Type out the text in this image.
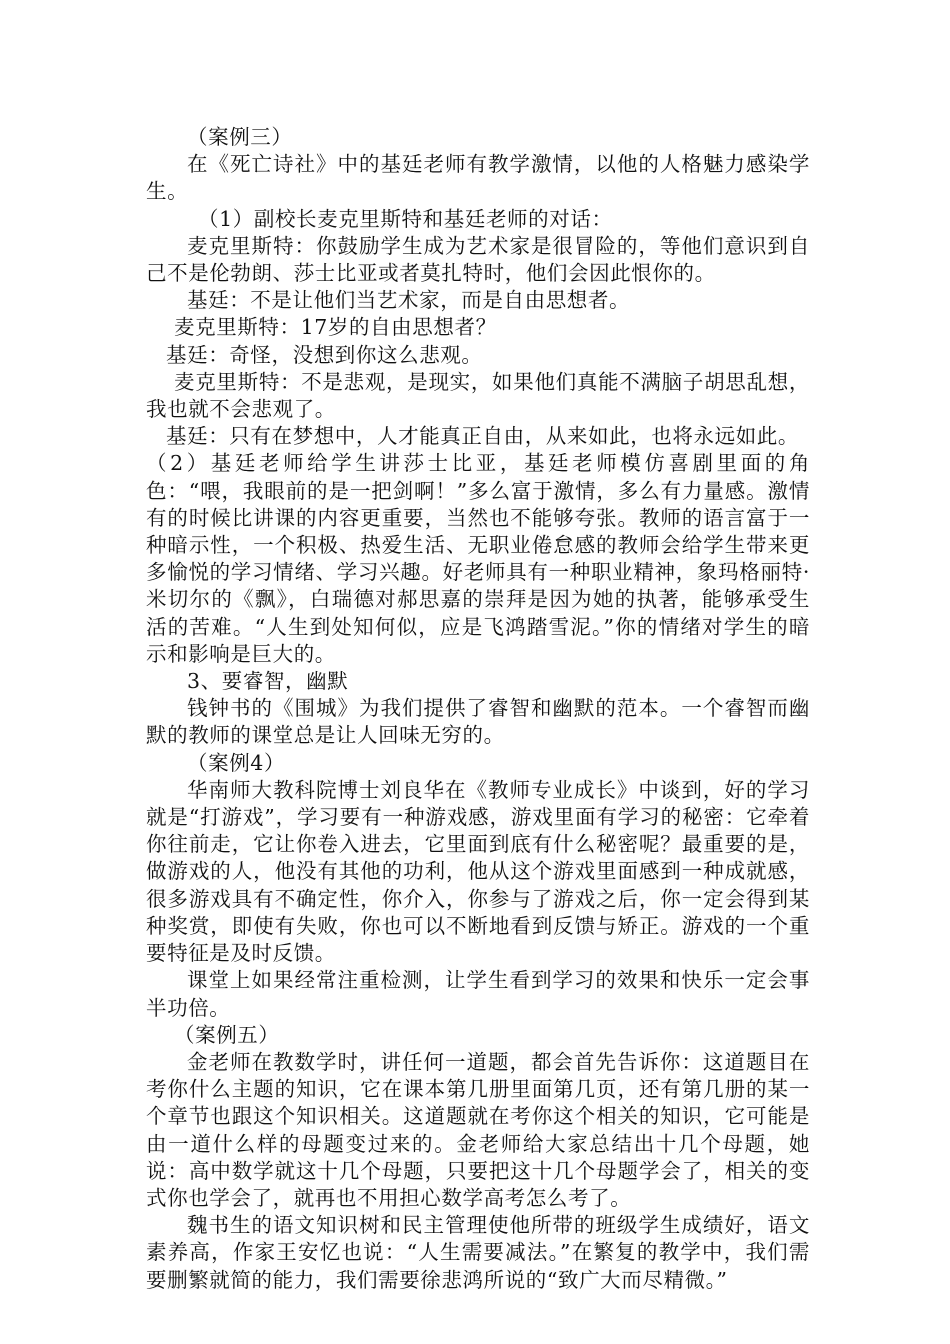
（案例三）

在《死亡诗社》中的基廷老师有教学激情，以他的人格魅力感染学生。

（1）副校长麦克里斯特和基廷老师的对话：

麦克里斯特：你鼓励学生成为艺术家是很冒险的，等他们意识到自己不是伦勃朗、莎士比亚或者莫扎特时，他们会因此恨你的。

基廷：不是让他们当艺术家，而是自由思想者。

麦克里斯特：17岁的自由思想者？

基廷：奇怪，没想到你这么悲观。

麦克里斯特：不是悲观，是现实，如果他们真能不满脑子胡思乱想，我也就不会悲观了。

基廷：只有在梦想中，人才能真正自由，从来如此，也将永远如此。

（2）基廷老师给学生讲莎士比亚，基廷老师模仿喜剧里面的角色：“喂，我眼前的是一把剑啊！”多么富于激情，多么有力量感。激情有的时候比讲课的内容更重要，当然也不能够夸张。教师的语言富于一种暗示性，一个积极、热爱生活、无职业倦怠感的教师会给学生带来更多愉悦的学习情绪、学习兴趣。好老师具有一种职业精神，象玛格丽特·米切尔的《飘》，白瑞德对郝思嘉的崇拜是因为她的执著，能够承受生活的苦难。“人生到处知何似，应是飞鸿踏雪泥。”你的情绪对学生的暗示和影响是巨大的。

3、要睿智，幽默

钱钟书的《围城》为我们提供了睿智和幽默的范本。一个睿智而幽默的教师的课堂总是让人回味无穷的。

（案例4）

华南师大教科院博士刘良华在《教师专业成长》中谈到，好的学习就是“打游戏”，学习要有一种游戏感，游戏里面有学习的秘密：它牵着你往前走，它让你卷入进去，它里面到底有什么秘密呢？最重要的是，做游戏的人，他没有其他的功利，他从这个游戏里面感到一种成就感，很多游戏具有不确定性，你介入，你参与了游戏之后，你一定会得到某种奖赏，即使有失败，你也可以不断地看到反馈与矫正。游戏的一个重要特征是及时反馈。

课堂上如果经常注重检测，让学生看到学习的效果和快乐一定会事半功倍。

（案例五）

金老师在教数学时，讲任何一道题，都会首先告诉你：这道题目在考你什么主题的知识，它在课本第几册里面第几页，还有第几册的某一个章节也跟这个知识相关。这道题就在考你这个相关的知识，它可能是由一道什么样的母题变过来的。金老师给大家总结出十几个母题，她说：高中数学就这十几个母题，只要把这十几个母题学会了，相关的变式你也学会了，就再也不用担心数学高考怎么考了。

魏书生的语文知识树和民主管理使他所带的班级学生成绩好，语文素养高，作家王安忆也说：“人生需要减法。”在繁复的教学中，我们需要删繁就简的能力，我们需要徐悲鸿所说的“致广大而尽精微。”
